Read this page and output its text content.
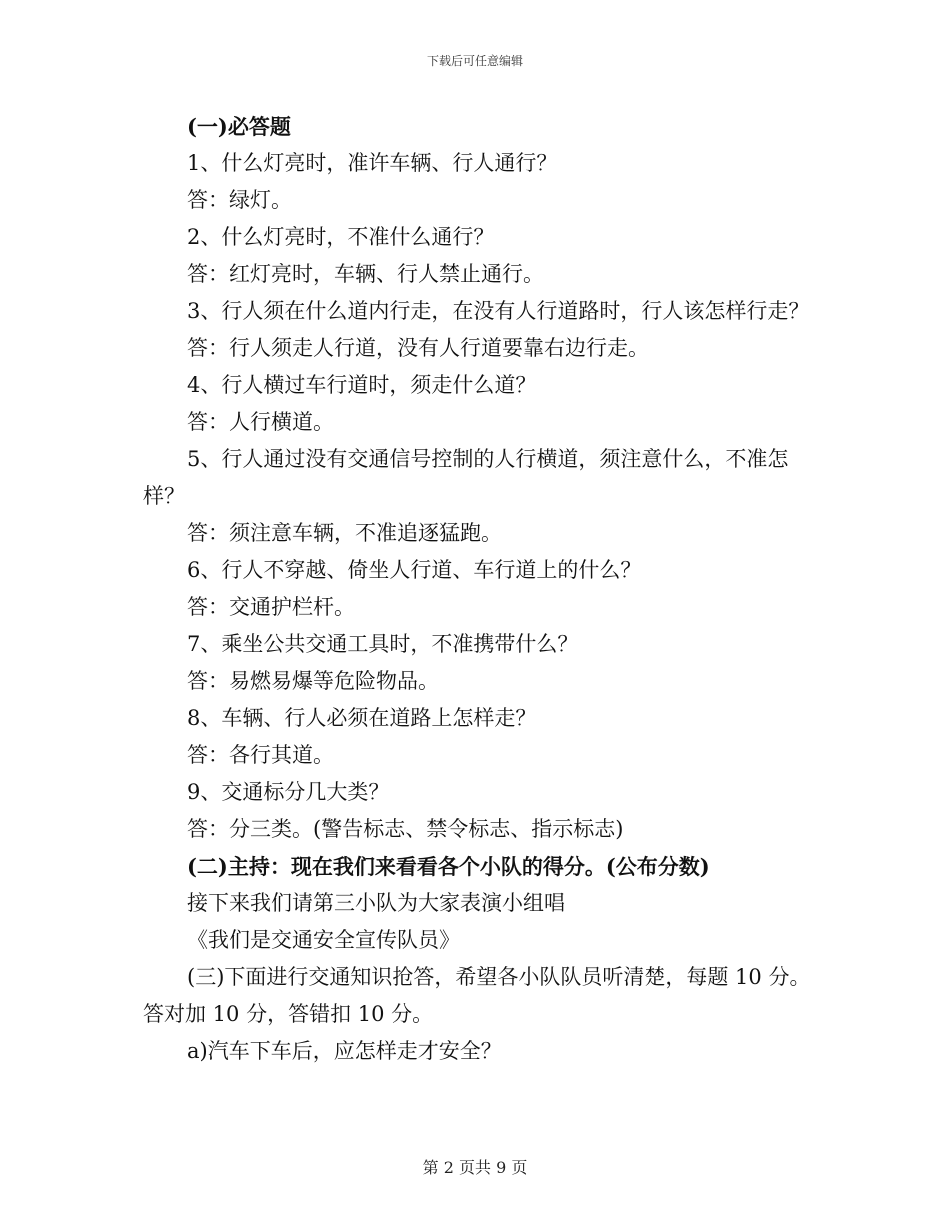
下载后可任意编辑

(一)必答题

1、什么灯亮时，准许车辆、行人通行？

答：绿灯。

2、什么灯亮时，不准什么通行？

答：红灯亮时，车辆、行人禁止通行。

3、行人须在什么道内行走，在没有人行道路时，行人该怎样行走？

答：行人须走人行道，没有人行道要靠右边行走。

4、行人横过车行道时，须走什么道？

答：人行横道。

5、行人通过没有交通信号控制的人行横道，须注意什么，不准怎样？

答：须注意车辆，不准追逐猛跑。

6、行人不穿越、倚坐人行道、车行道上的什么？

答：交通护栏杆。

7、乘坐公共交通工具时，不准携带什么？

答：易燃易爆等危险物品。

8、车辆、行人必须在道路上怎样走？

答：各行其道。

9、交通标分几大类？

答：分三类。(警告标志、禁令标志、指示标志)

(二)主持：现在我们来看看各个小队的得分。(公布分数)

接下来我们请第三小队为大家表演小组唱

《我们是交通安全宣传队员》

(三)下面进行交通知识抢答，希望各小队队员听清楚，每题 10 分。答对加 10 分，答错扣 10 分。

a)汽车下车后，应怎样走才安全？

第 2 页共 9 页
